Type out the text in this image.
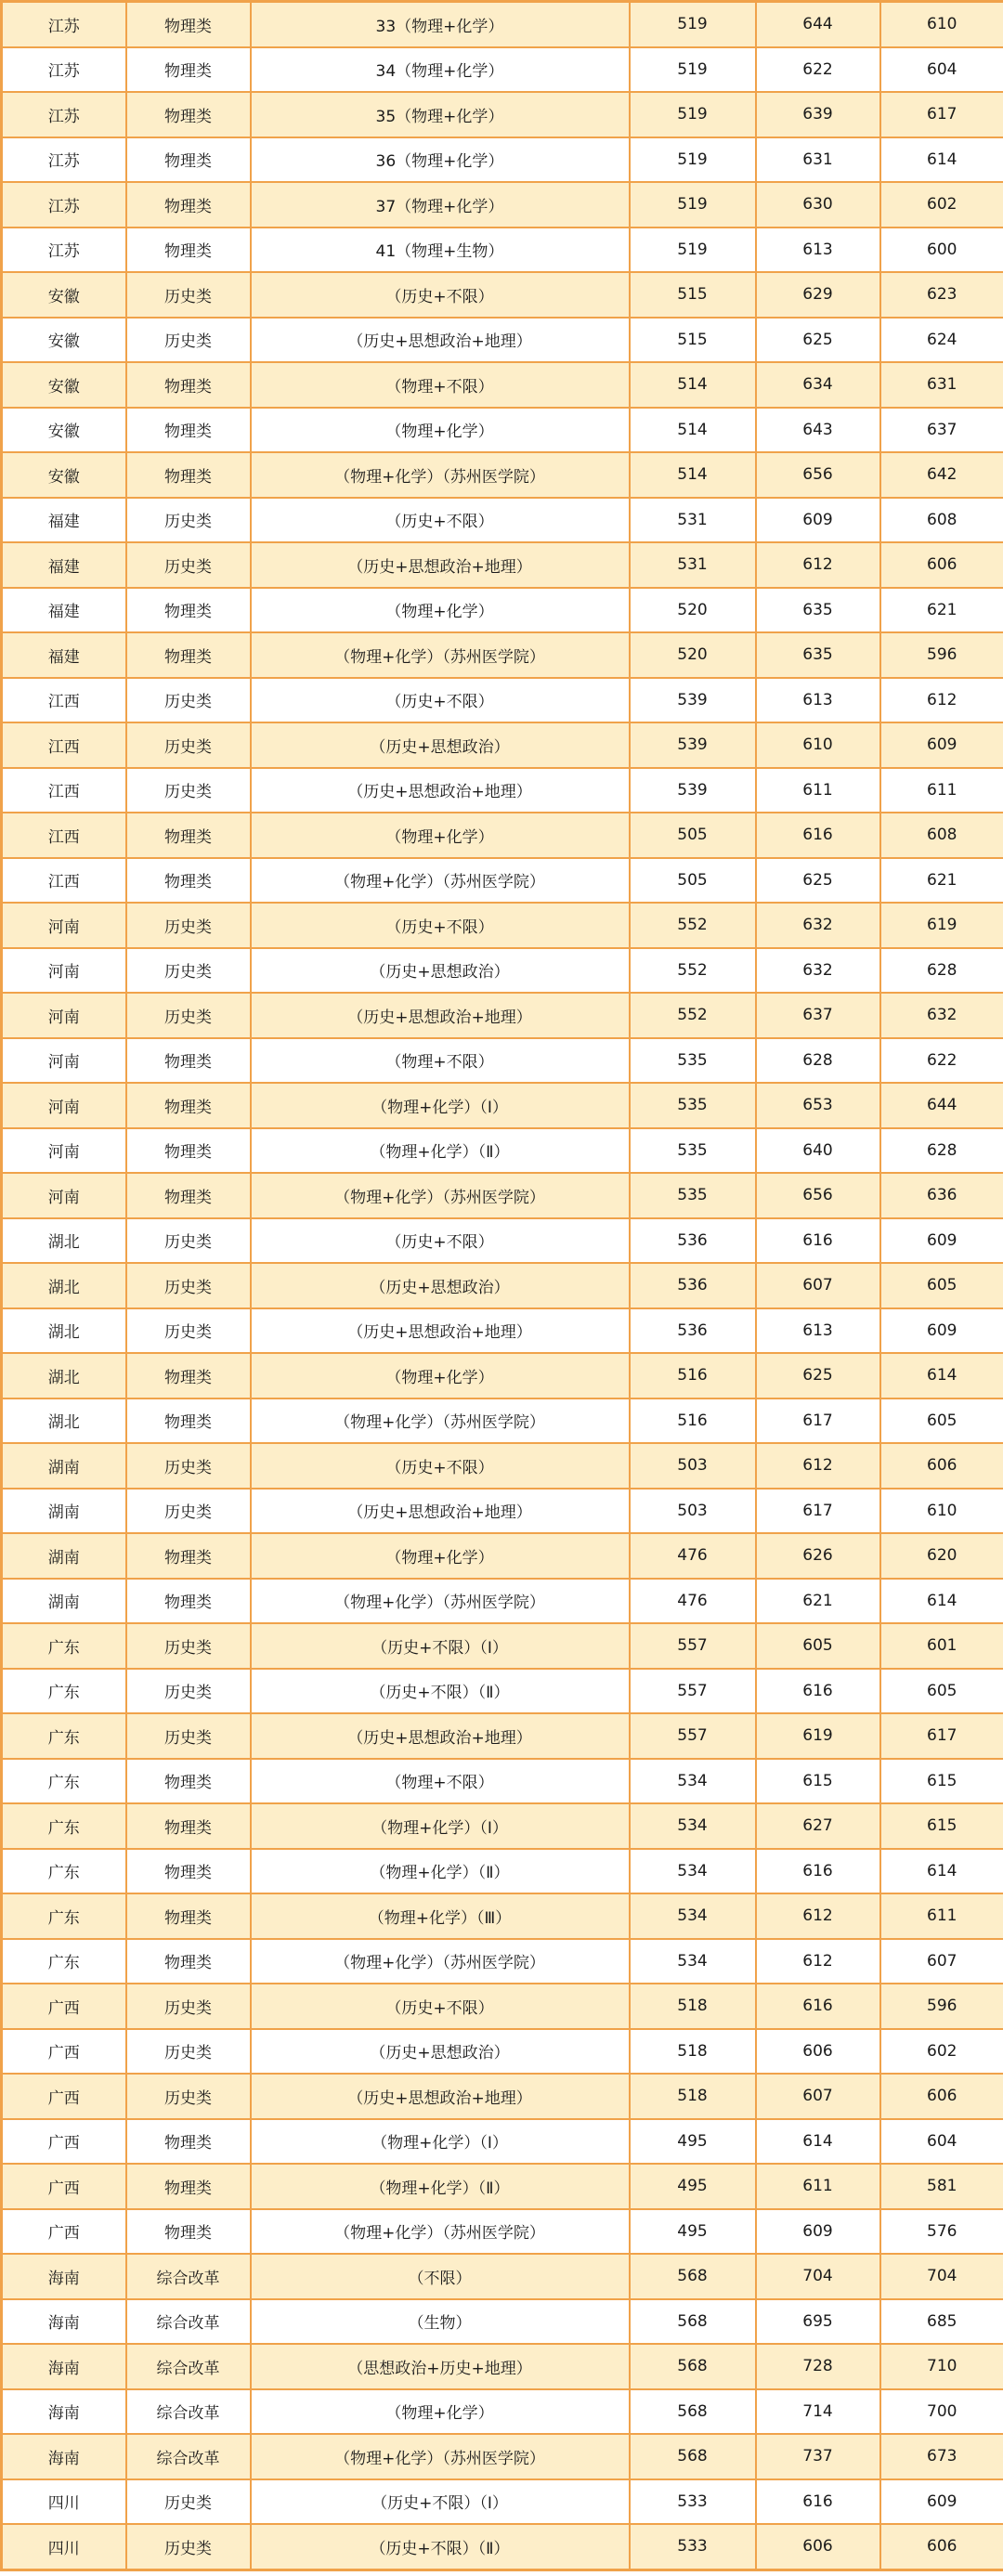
江苏	物理类	33（物理+化学）	519	644	610
江苏	物理类	34（物理+化学）	519	622	604
江苏	物理类	35（物理+化学）	519	639	617
江苏	物理类	36（物理+化学）	519	631	614
江苏	物理类	37（物理+化学）	519	630	602
江苏	物理类	41（物理+生物）	519	613	600
安徽	历史类	（历史+不限）	515	629	623
安徽	历史类	（历史+思想政治+地理）	515	625	624
安徽	物理类	（物理+不限）	514	634	631
安徽	物理类	（物理+化学）	514	643	637
安徽	物理类	（物理+化学）（苏州医学院）	514	656	642
福建	历史类	（历史+不限）	531	609	608
福建	历史类	（历史+思想政治+地理）	531	612	606
福建	物理类	（物理+化学）	520	635	621
福建	物理类	（物理+化学）（苏州医学院）	520	635	596
江西	历史类	（历史+不限）	539	613	612
江西	历史类	（历史+思想政治）	539	610	609
江西	历史类	（历史+思想政治+地理）	539	611	611
江西	物理类	（物理+化学）	505	616	608
江西	物理类	（物理+化学）（苏州医学院）	505	625	621
河南	历史类	（历史+不限）	552	632	619
河南	历史类	（历史+思想政治）	552	632	628
河南	历史类	（历史+思想政治+地理）	552	637	632
河南	物理类	（物理+不限）	535	628	622
河南	物理类	（物理+化学）（Ⅰ）	535	653	644
河南	物理类	（物理+化学）（Ⅱ）	535	640	628
河南	物理类	（物理+化学）（苏州医学院）	535	656	636
湖北	历史类	（历史+不限）	536	616	609
湖北	历史类	（历史+思想政治）	536	607	605
湖北	历史类	（历史+思想政治+地理）	536	613	609
湖北	物理类	（物理+化学）	516	625	614
湖北	物理类	（物理+化学）（苏州医学院）	516	617	605
湖南	历史类	（历史+不限）	503	612	606
湖南	历史类	（历史+思想政治+地理）	503	617	610
湖南	物理类	（物理+化学）	476	626	620
湖南	物理类	（物理+化学）（苏州医学院）	476	621	614
广东	历史类	（历史+不限）（Ⅰ）	557	605	601
广东	历史类	（历史+不限）（Ⅱ）	557	616	605
广东	历史类	（历史+思想政治+地理）	557	619	617
广东	物理类	（物理+不限）	534	615	615
广东	物理类	（物理+化学）（Ⅰ）	534	627	615
广东	物理类	（物理+化学）（Ⅱ）	534	616	614
广东	物理类	（物理+化学）（Ⅲ）	534	612	611
广东	物理类	（物理+化学）（苏州医学院）	534	612	607
广西	历史类	（历史+不限）	518	616	596
广西	历史类	（历史+思想政治）	518	606	602
广西	历史类	（历史+思想政治+地理）	518	607	606
广西	物理类	（物理+化学）（Ⅰ）	495	614	604
广西	物理类	（物理+化学）（Ⅱ）	495	611	581
广西	物理类	（物理+化学）（苏州医学院）	495	609	576
海南	综合改革	（不限）	568	704	704
海南	综合改革	（生物）	568	695	685
海南	综合改革	（思想政治+历史+地理）	568	728	710
海南	综合改革	（物理+化学）	568	714	700
海南	综合改革	（物理+化学）（苏州医学院）	568	737	673
四川	历史类	（历史+不限）（Ⅰ）	533	616	609
四川	历史类	（历史+不限）（Ⅱ）	533	606	606
